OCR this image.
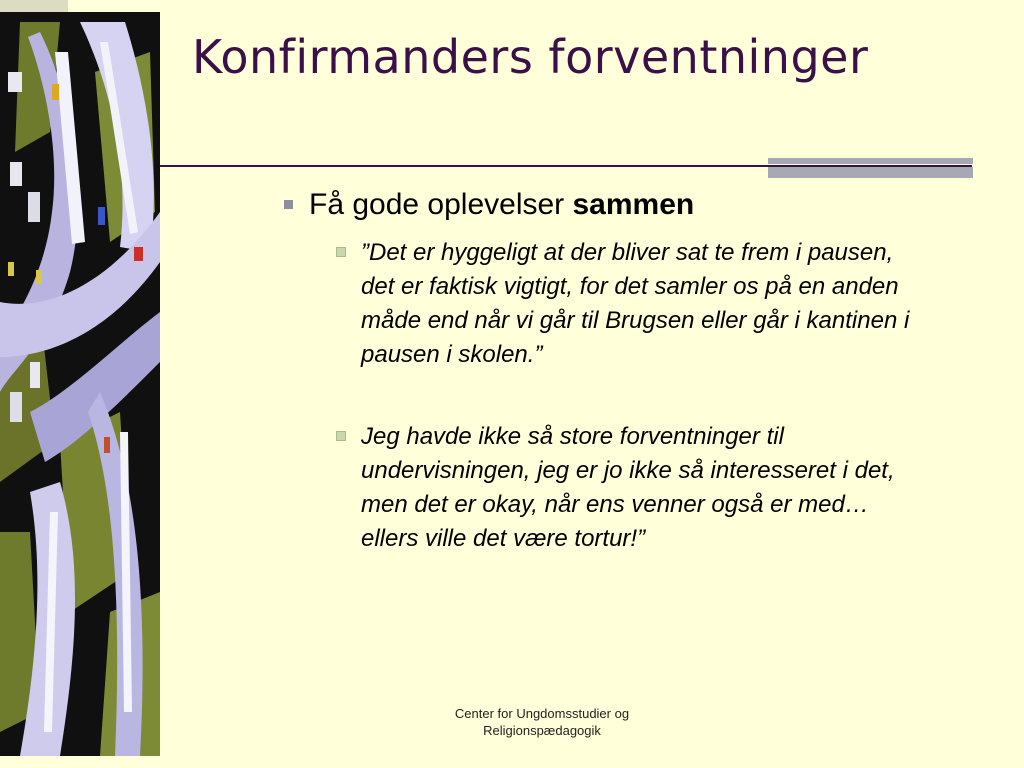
Konfirmanders forventninger
Få gode oplevelser sammen
”Det er hyggeligt at der bliver sat te frem i pausen, det er faktisk vigtigt, for det samler os på en anden måde end når vi går til Brugsen eller går i kantinen i pausen i skolen.”
Jeg havde ikke så store forventninger til undervisningen, jeg er jo ikke så interesseret i det, men det er okay, når ens venner også er med… ellers ville det være tortur!”
Center for Ungdomsstudier og
Religionspædagogik
